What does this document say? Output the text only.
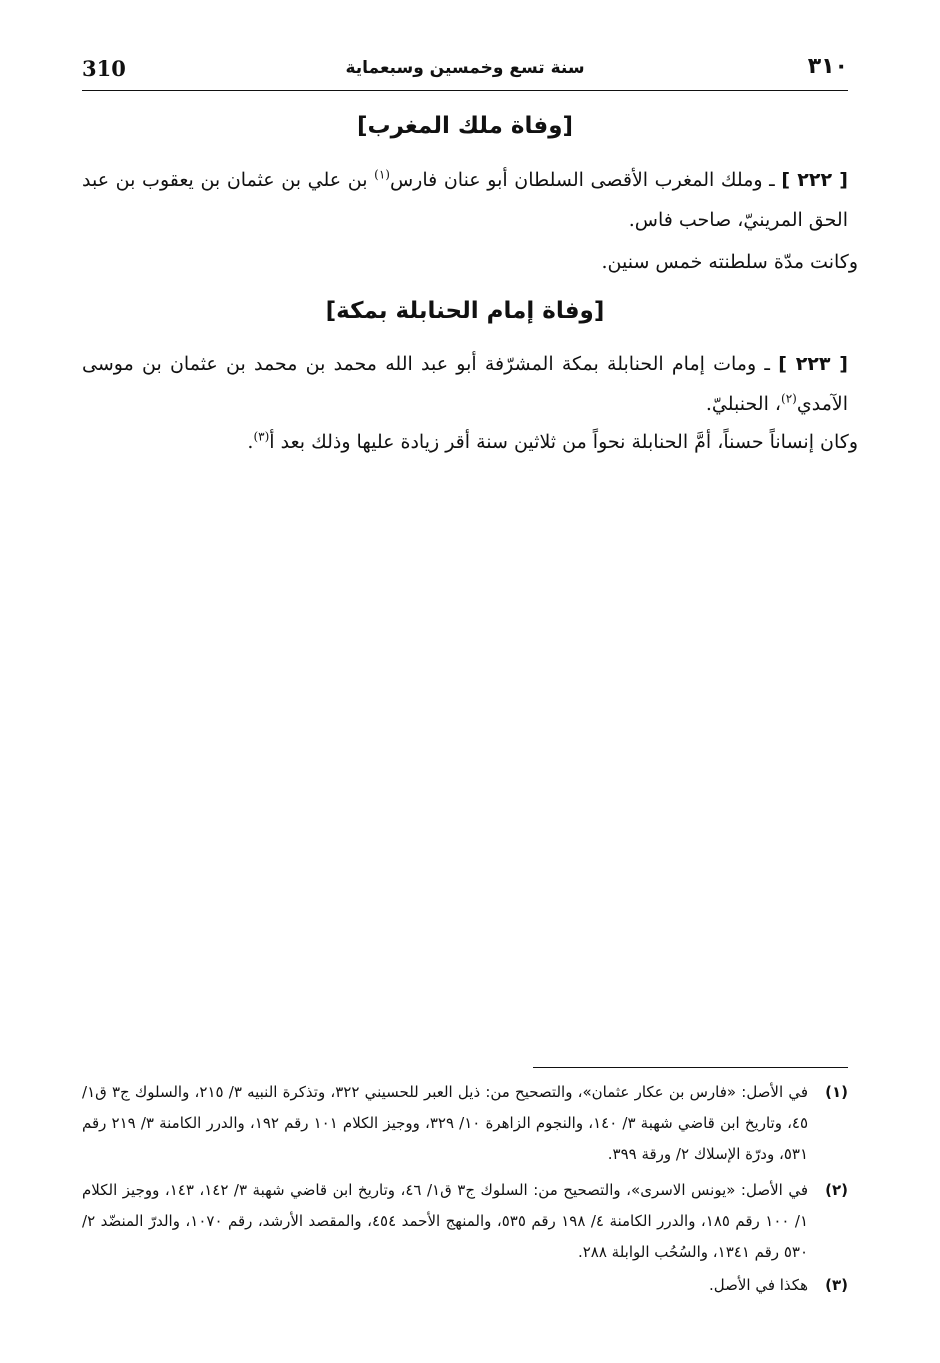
310	سنة تسع وخمسين وسبعماية	٣١٠
[وفاة ملك المغرب]
[ ٢٢٢ ] ـ وملك المغرب الأقصى السلطان أبو عنان فارس$^{(١)}$ بن علي بن عثمان بن يعقوب بن عبد الحق المرينيّ، صاحب فاس.
وكانت مدّة سلطنته خمس سنين.
[وفاة إمام الحنابلة بمكة]
[ ٢٢٣ ] ـ ومات إمام الحنابلة بمكة المشرّفة أبو عبد الله محمد بن محمد بن عثمان بن موسى الآمدي$^{(٢)}$، الحنبليّ.
وكان إنساناً حسناً، أمَّ الحنابلة نحواً من ثلاثين سنة أقر زيادة عليها وذلك بعد أ$^{(٣)}$.
(١)
في الأصل: «فارس بن عكار عثمان»، والتصحيح من: ذيل العبر للحسيني ٣٢٢، وتذكرة النبيه ٣/ ٢١٥، والسلوك ج٣ ق١/ ٤٥، وتاريخ ابن قاضي شهبة ٣/ ١٤٠، والنجوم الزاهرة ١٠/ ٣٢٩، ووجيز الكلام ١٠١ رقم ١٩٢، والدرر الكامنة ٣/ ٢١٩ رقم ٥٣١، ودرّة الإسلاك ٢/ ورقة ٣٩٩.
(٢)
في الأصل: «يونس الاسرى»، والتصحيح من: السلوك ج٣ ق١/ ٤٦، وتاريخ ابن قاضي شهبة ٣/ ١٤٢، ١٤٣، ووجيز الكلام ١/ ١٠٠ رقم ١٨٥، والدرر الكامنة ٤/ ١٩٨ رقم ٥٣٥، والمنهج الأحمد ٤٥٤، والمقصد الأرشد، رقم ١٠٧٠، والدرّ المنضّد ٢/ ٥٣٠ رقم ١٣٤١، والسُحُب الوابلة ٢٨٨.
(٣)
هكذا في الأصل.
